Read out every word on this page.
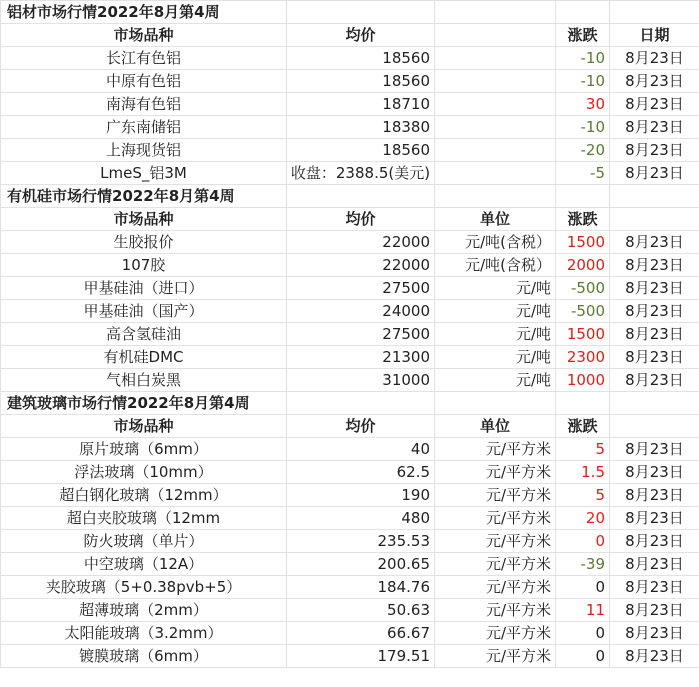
铝材市场行情2022年8月第4周				
市场品种	均价		涨跌	日期
长江有色铝	18560		-10	8月23日
中原有色铝	18560		-10	8月23日
南海有色铝	18710		30	8月23日
广东南储铝	18380		-10	8月23日
上海现货铝	18560		-20	8月23日
LmeS_铝3M	收盘：2388.5(美元)		-5	8月23日
有机硅市场行情2022年8月第4周				
市场品种	均价	单位	涨跌	
生胶报价	22000	元/吨(含税）	1500	8月23日
107胶	22000	元/吨(含税）	2000	8月23日
甲基硅油（进口）	27500	元/吨	-500	8月23日
甲基硅油（国产）	24000	元/吨	-500	8月23日
高含氢硅油	27500	元/吨	1500	8月23日
有机硅DMC	21300	元/吨	2300	8月23日
气相白炭黑	31000	元/吨	1000	8月23日
建筑玻璃市场行情2022年8月第4周				
市场品种	均价	单位	涨跌	
原片玻璃（6mm）	40	元/平方米	5	8月23日
浮法玻璃（10mm）	62.5	元/平方米	1.5	8月23日
超白钢化玻璃（12mm）	190	元/平方米	5	8月23日
超白夹胶玻璃（12mm	480	元/平方米	20	8月23日
防火玻璃（单片）	235.53	元/平方米	0	8月23日
中空玻璃（12A）	200.65	元/平方米	-39	8月23日
夹胶玻璃（5+0.38pvb+5）	184.76	元/平方米	0	8月23日
超薄玻璃（2mm）	50.63	元/平方米	11	8月23日
太阳能玻璃（3.2mm）	66.67	元/平方米	0	8月23日
镀膜玻璃（6mm）	179.51	元/平方米	0	8月23日
